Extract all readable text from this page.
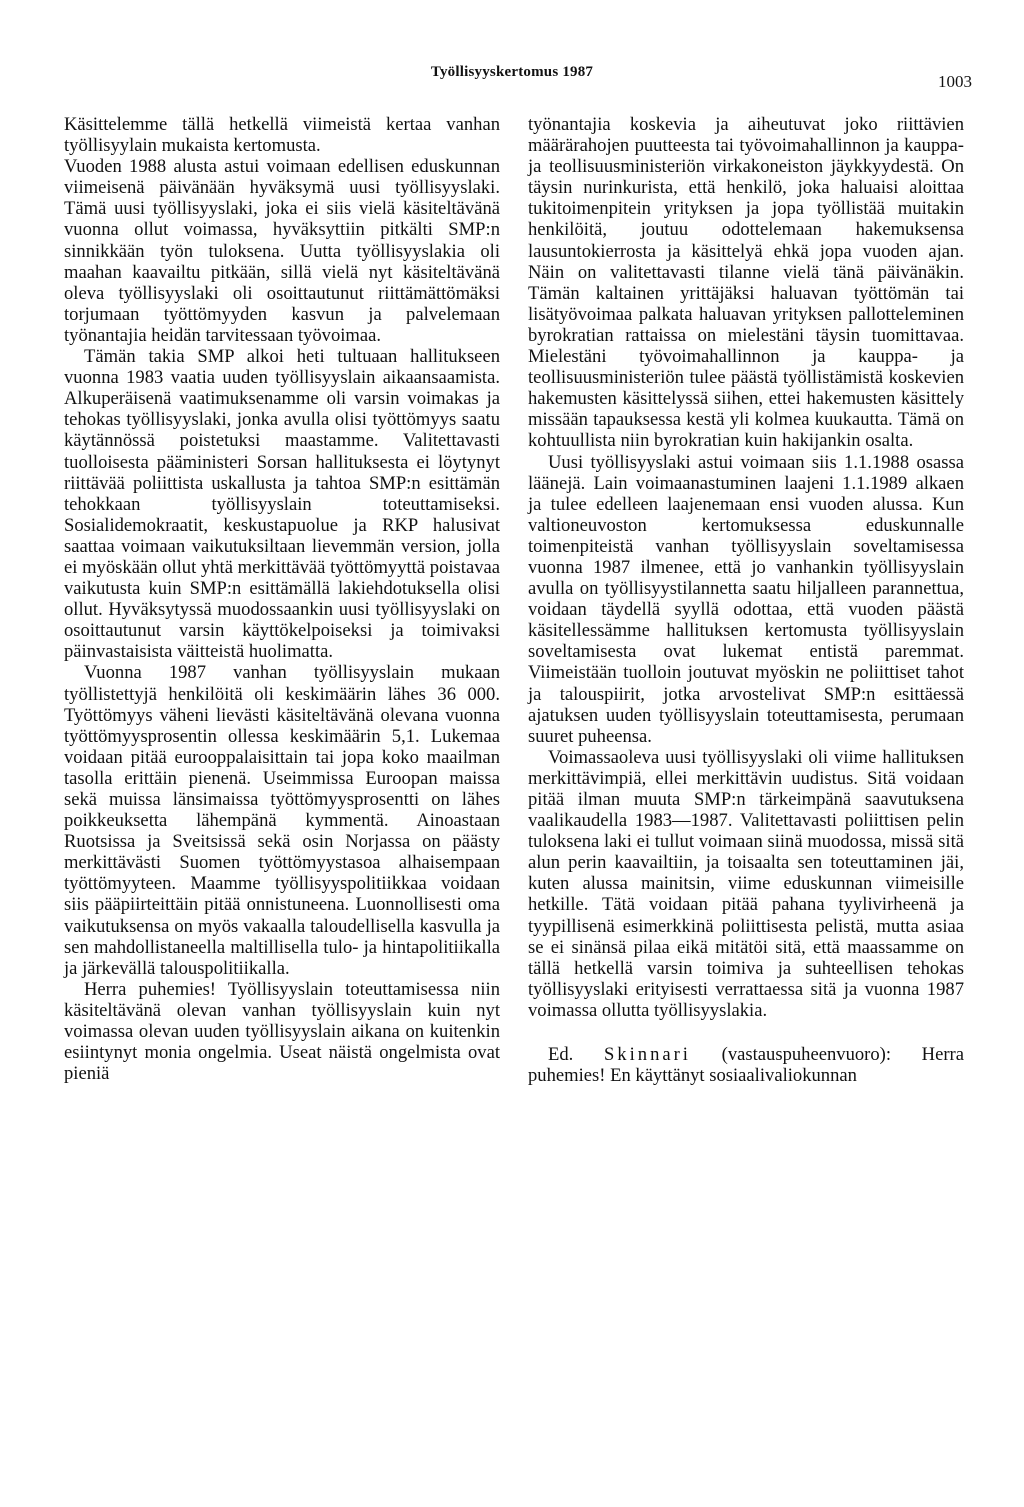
Työllisyyskertomus 1987	1003

Käsittelemme tällä hetkellä viimeistä kertaa vanhan työllisyylain mukaista kertomusta.

Vuoden 1988 alusta astui voimaan edellisen eduskunnan viimeisenä päivänään hyväksymä uusi työllisyyslaki. Tämä uusi työllisyyslaki, joka ei siis vielä käsiteltävänä vuonna ollut voimassa, hyväksyttiin pitkälti SMP:n sinnikkään työn tuloksena. Uutta työllisyyslakia oli maahan kaavailtu pitkään, sillä vielä nyt käsiteltävänä oleva työllisyyslaki oli osoittautunut riittämättömäksi torjumaan työttömyyden kasvun ja palvelemaan työnantajia heidän tarvitessaan työvoimaa.

Tämän takia SMP alkoi heti tultuaan hallitukseen vuonna 1983 vaatia uuden työllisyyslain aikaansaamista. Alkuperäisenä vaatimuksenamme oli varsin voimakas ja tehokas työllisyyslaki, jonka avulla olisi työttömyys saatu käytännössä poistetuksi maastamme. Valitettavasti tuolloisesta pääministeri Sorsan hallituksesta ei löytynyt riittävää poliittista uskallusta ja tahtoa SMP:n esittämän tehokkaan työllisyyslain toteuttamiseksi. Sosialidemokraatit, keskustapuolue ja RKP halusivat saattaa voimaan vaikutuksiltaan lievemmän version, jolla ei myöskään ollut yhtä merkittävää työttömyyttä poistavaa vaikutusta kuin SMP:n esittämällä lakiehdotuksella olisi ollut. Hyväksytyssä muodossaankin uusi työllisyyslaki on osoittautunut varsin käyttökelpoiseksi ja toimivaksi päinvastaisista väitteistä huolimatta.

Vuonna 1987 vanhan työllisyyslain mukaan työllistettyjä henkilöitä oli keskimäärin lähes 36 000. Työttömyys väheni lievästi käsiteltävänä olevana vuonna työttömyysprosentin ollessa keskimäärin 5,1. Lukemaa voidaan pitää eurooppalaisittain tai jopa koko maailman tasolla erittäin pienenä. Useimmissa Euroopan maissa sekä muissa länsimaissa työttömyysprosentti on lähes poikkeuksetta lähempänä kymmentä. Ainoastaan Ruotsissa ja Sveitsissä sekä osin Norjassa on päästy merkittävästi Suomen työttömyystasoa alhaisempaan työttömyyteen. Maamme työllisyyspolitiikkaa voidaan siis pääpiirteittäin pitää onnistuneena. Luonnollisesti oma vaikutuksensa on myös vakaalla taloudellisella kasvulla ja sen mahdollistaneella maltillisella tulo- ja hintapolitiikalla ja järkevällä talouspolitiikalla.

Herra puhemies! Työllisyyslain toteuttamisessa niin käsiteltävänä olevan vanhan työllisyyslain kuin nyt voimassa olevan uuden työllisyyslain aikana on kuitenkin esiintynyt monia ongelmia. Useat näistä ongelmista ovat pieniä

työnantajia koskevia ja aiheutuvat joko riittävien määrärahojen puutteesta tai työvoimahallinnon ja kauppa- ja teollisuusministeriön virkakoneiston jäykkyydestä. On täysin nurinkurista, että henkilö, joka haluaisi aloittaa tukitoimenpitein yrityksen ja jopa työllistää muitakin henkilöitä, joutuu odottelemaan hakemuksensa lausuntokierrosta ja käsittelyä ehkä jopa vuoden ajan. Näin on valitettavasti tilanne vielä tänä päivänäkin. Tämän kaltainen yrittäjäksi haluavan työttömän tai lisätyövoimaa palkata haluavan yrityksen pallotteleminen byrokratian rattaissa on mielestäni täysin tuomittavaa. Mielestäni työvoimahallinnon ja kauppa- ja teollisuusministeriön tulee päästä työllistämistä koskevien hakemusten käsittelyssä siihen, ettei hakemusten käsittely missään tapauksessa kestä yli kolmea kuukautta. Tämä on kohtuullista niin byrokratian kuin hakijankin osalta.

Uusi työllisyyslaki astui voimaan siis 1.1.1988 osassa läänejä. Lain voimaanastuminen laajeni 1.1.1989 alkaen ja tulee edelleen laajenemaan ensi vuoden alussa. Kun valtioneuvoston kertomuksessa eduskunnalle toimenpiteistä vanhan työllisyyslain soveltamisessa vuonna 1987 ilmenee, että jo vanhankin työllisyyslain avulla on työllisyystilannetta saatu hiljalleen parannettua, voidaan täydellä syyllä odottaa, että vuoden päästä käsitellessämme hallituksen kertomusta työllisyyslain soveltamisesta ovat lukemat entistä paremmat. Viimeistään tuolloin joutuvat myöskin ne poliittiset tahot ja talouspiirit, jotka arvostelivat SMP:n esittäessä ajatuksen uuden työllisyyslain toteuttamisesta, perumaan suuret puheensa.

Voimassaoleva uusi työllisyyslaki oli viime hallituksen merkittävimpiä, ellei merkittävin uudistus. Sitä voidaan pitää ilman muuta SMP:n tärkeimpänä saavutuksena vaalikaudella 1983—1987. Valitettavasti poliittisen pelin tuloksena laki ei tullut voimaan siinä muodossa, missä sitä alun perin kaavailtiin, ja toisaalta sen toteuttaminen jäi, kuten alussa mainitsin, viime eduskunnan viimeisille hetkille. Tätä voidaan pitää pahana tyylivirheenä ja tyypillisenä esimerkkinä poliittisesta pelistä, mutta asiaa se ei sinänsä pilaa eikä mitätöi sitä, että maassamme on tällä hetkellä varsin toimiva ja suhteellisen tehokas työllisyyslaki erityisesti verrattaessa sitä ja vuonna 1987 voimassa ollutta työllisyyslakia.

Ed. Skinnari (vastauspuheenvuoro): Herra puhemies! En käyttänyt sosiaalivaliokunnan
